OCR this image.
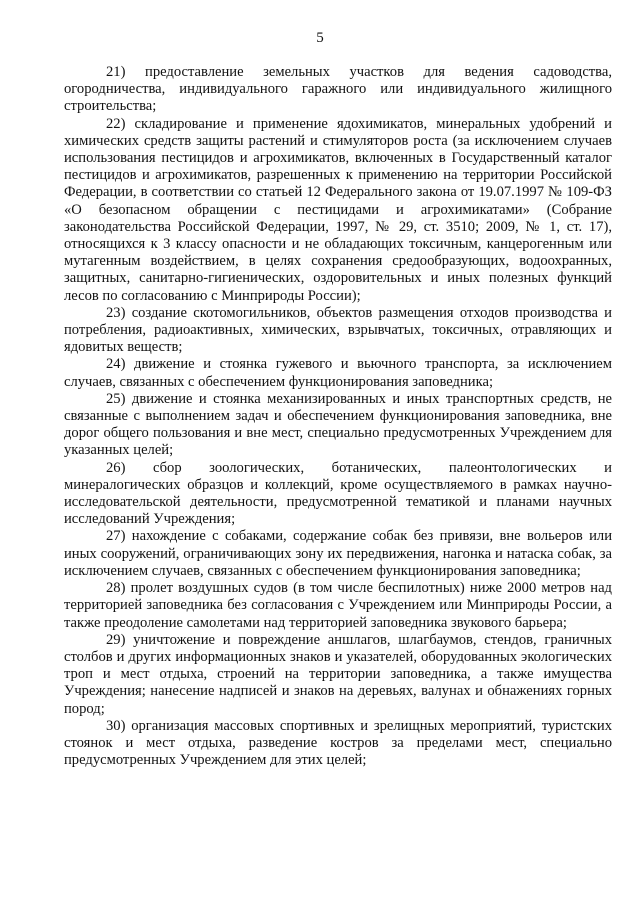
5

21) предоставление земельных участков для ведения садоводства, огородничества, индивидуального гаражного или индивидуального жилищного строительства;

22) складирование и применение ядохимикатов, минеральных удобрений и химических средств защиты растений и стимуляторов роста (за исключением случаев использования пестицидов и агрохимикатов, включенных в Государственный каталог пестицидов и агрохимикатов, разрешенных к применению на территории Российской Федерации, в соответствии со статьей 12 Федерального закона от 19.07.1997 № 109-ФЗ «О безопасном обращении с пестицидами и агрохимикатами» (Собрание законодательства Российской Федерации, 1997, № 29, ст. 3510; 2009, № 1, ст. 17), относящихся к 3 классу опасности и не обладающих токсичным, канцерогенным или мутагенным воздействием, в целях сохранения средообразующих, водоохранных, защитных, санитарно-гигиенических, оздоровительных и иных полезных функций лесов по согласованию с Минприроды России);

23) создание скотомогильников, объектов размещения отходов производства и потребления, радиоактивных, химических, взрывчатых, токсичных, отравляющих и ядовитых веществ;

24) движение и стоянка гужевого и вьючного транспорта, за исключением случаев, связанных с обеспечением функционирования заповедника;

25) движение и стоянка механизированных и иных транспортных средств, не связанные с выполнением задач и обеспечением функционирования заповедника, вне дорог общего пользования и вне мест, специально предусмотренных Учреждением для указанных целей;

26) сбор зоологических, ботанических, палеонтологических и минералогических образцов и коллекций, кроме осуществляемого в рамках научно-исследовательской деятельности, предусмотренной тематикой и планами научных исследований Учреждения;

27) нахождение с собаками, содержание собак без привязи, вне вольеров или иных сооружений, ограничивающих зону их передвижения, нагонка и натаска собак, за исключением случаев, связанных с обеспечением функционирования заповедника;

28) пролет воздушных судов (в том числе беспилотных) ниже 2000 метров над территорией заповедника без согласования с Учреждением или Минприроды России, а также преодоление самолетами над территорией заповедника звукового барьера;

29) уничтожение и повреждение аншлагов, шлагбаумов, стендов, граничных столбов и других информационных знаков и указателей, оборудованных экологических троп и мест отдыха, строений на территории заповедника, а также имущества Учреждения; нанесение надписей и знаков на деревьях, валунах и обнажениях горных пород;

30) организация массовых спортивных и зрелищных мероприятий, туристских стоянок и мест отдыха, разведение костров за пределами мест, специально предусмотренных Учреждением для этих целей;
